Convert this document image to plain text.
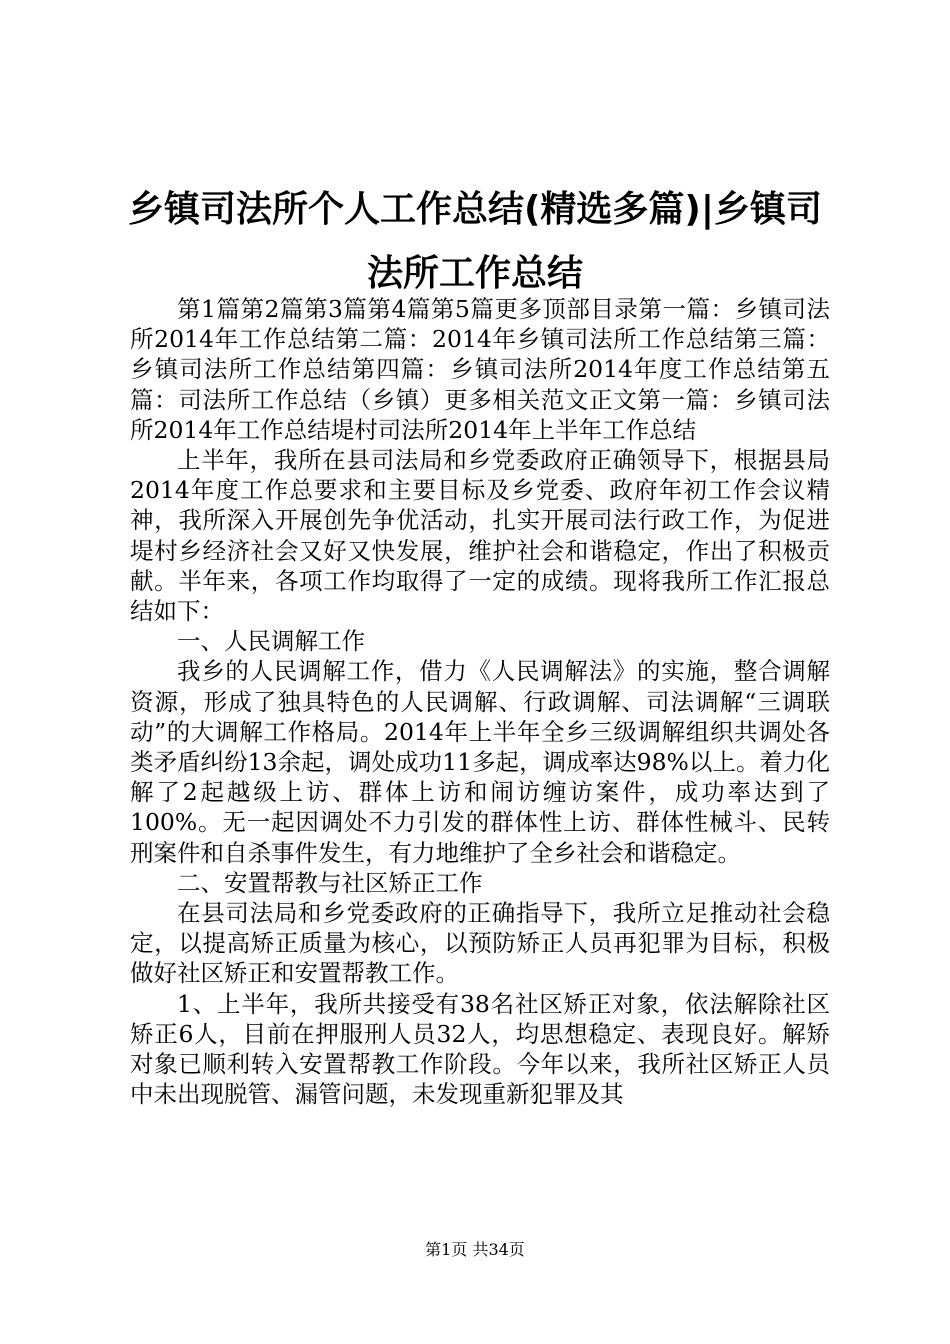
乡镇司法所个人工作总结(精选多篇)|乡镇司法所工作总结

第1篇第2篇第3篇第4篇第5篇更多顶部目录第一篇：乡镇司法所2014年工作总结第二篇：2014年乡镇司法所工作总结第三篇：乡镇司法所工作总结第四篇：乡镇司法所2014年度工作总结第五篇：司法所工作总结（乡镇）更多相关范文正文第一篇：乡镇司法所2014年工作总结堤村司法所2014年上半年工作总结

上半年，我所在县司法局和乡党委政府正确领导下，根据县局2014年度工作总要求和主要目标及乡党委、政府年初工作会议精神，我所深入开展创先争优活动，扎实开展司法行政工作，为促进堤村乡经济社会又好又快发展，维护社会和谐稳定，作出了积极贡献。半年来，各项工作均取得了一定的成绩。现将我所工作汇报总结如下：

一、人民调解工作

我乡的人民调解工作，借力《人民调解法》的实施，整合调解资源，形成了独具特色的人民调解、行政调解、司法调解“三调联动”的大调解工作格局。2014年上半年全乡三级调解组织共调处各类矛盾纠纷13余起，调处成功11多起，调成率达98%以上。着力化解了2起越级上访、群体上访和闹访缠访案件，成功率达到了100%。无一起因调处不力引发的群体性上访、群体性械斗、民转刑案件和自杀事件发生，有力地维护了全乡社会和谐稳定。

二、安置帮教与社区矫正工作

在县司法局和乡党委政府的正确指导下，我所立足推动社会稳定，以提高矫正质量为核心，以预防矫正人员再犯罪为目标，积极做好社区矫正和安置帮教工作。

1、上半年，我所共接受有38名社区矫正对象，依法解除社区矫正6人，目前在押服刑人员32人，均思想稳定、表现良好。解矫对象已顺利转入安置帮教工作阶段。今年以来，我所社区矫正人员中未出现脱管、漏管问题，未发现重新犯罪及其

第1页 共34页
